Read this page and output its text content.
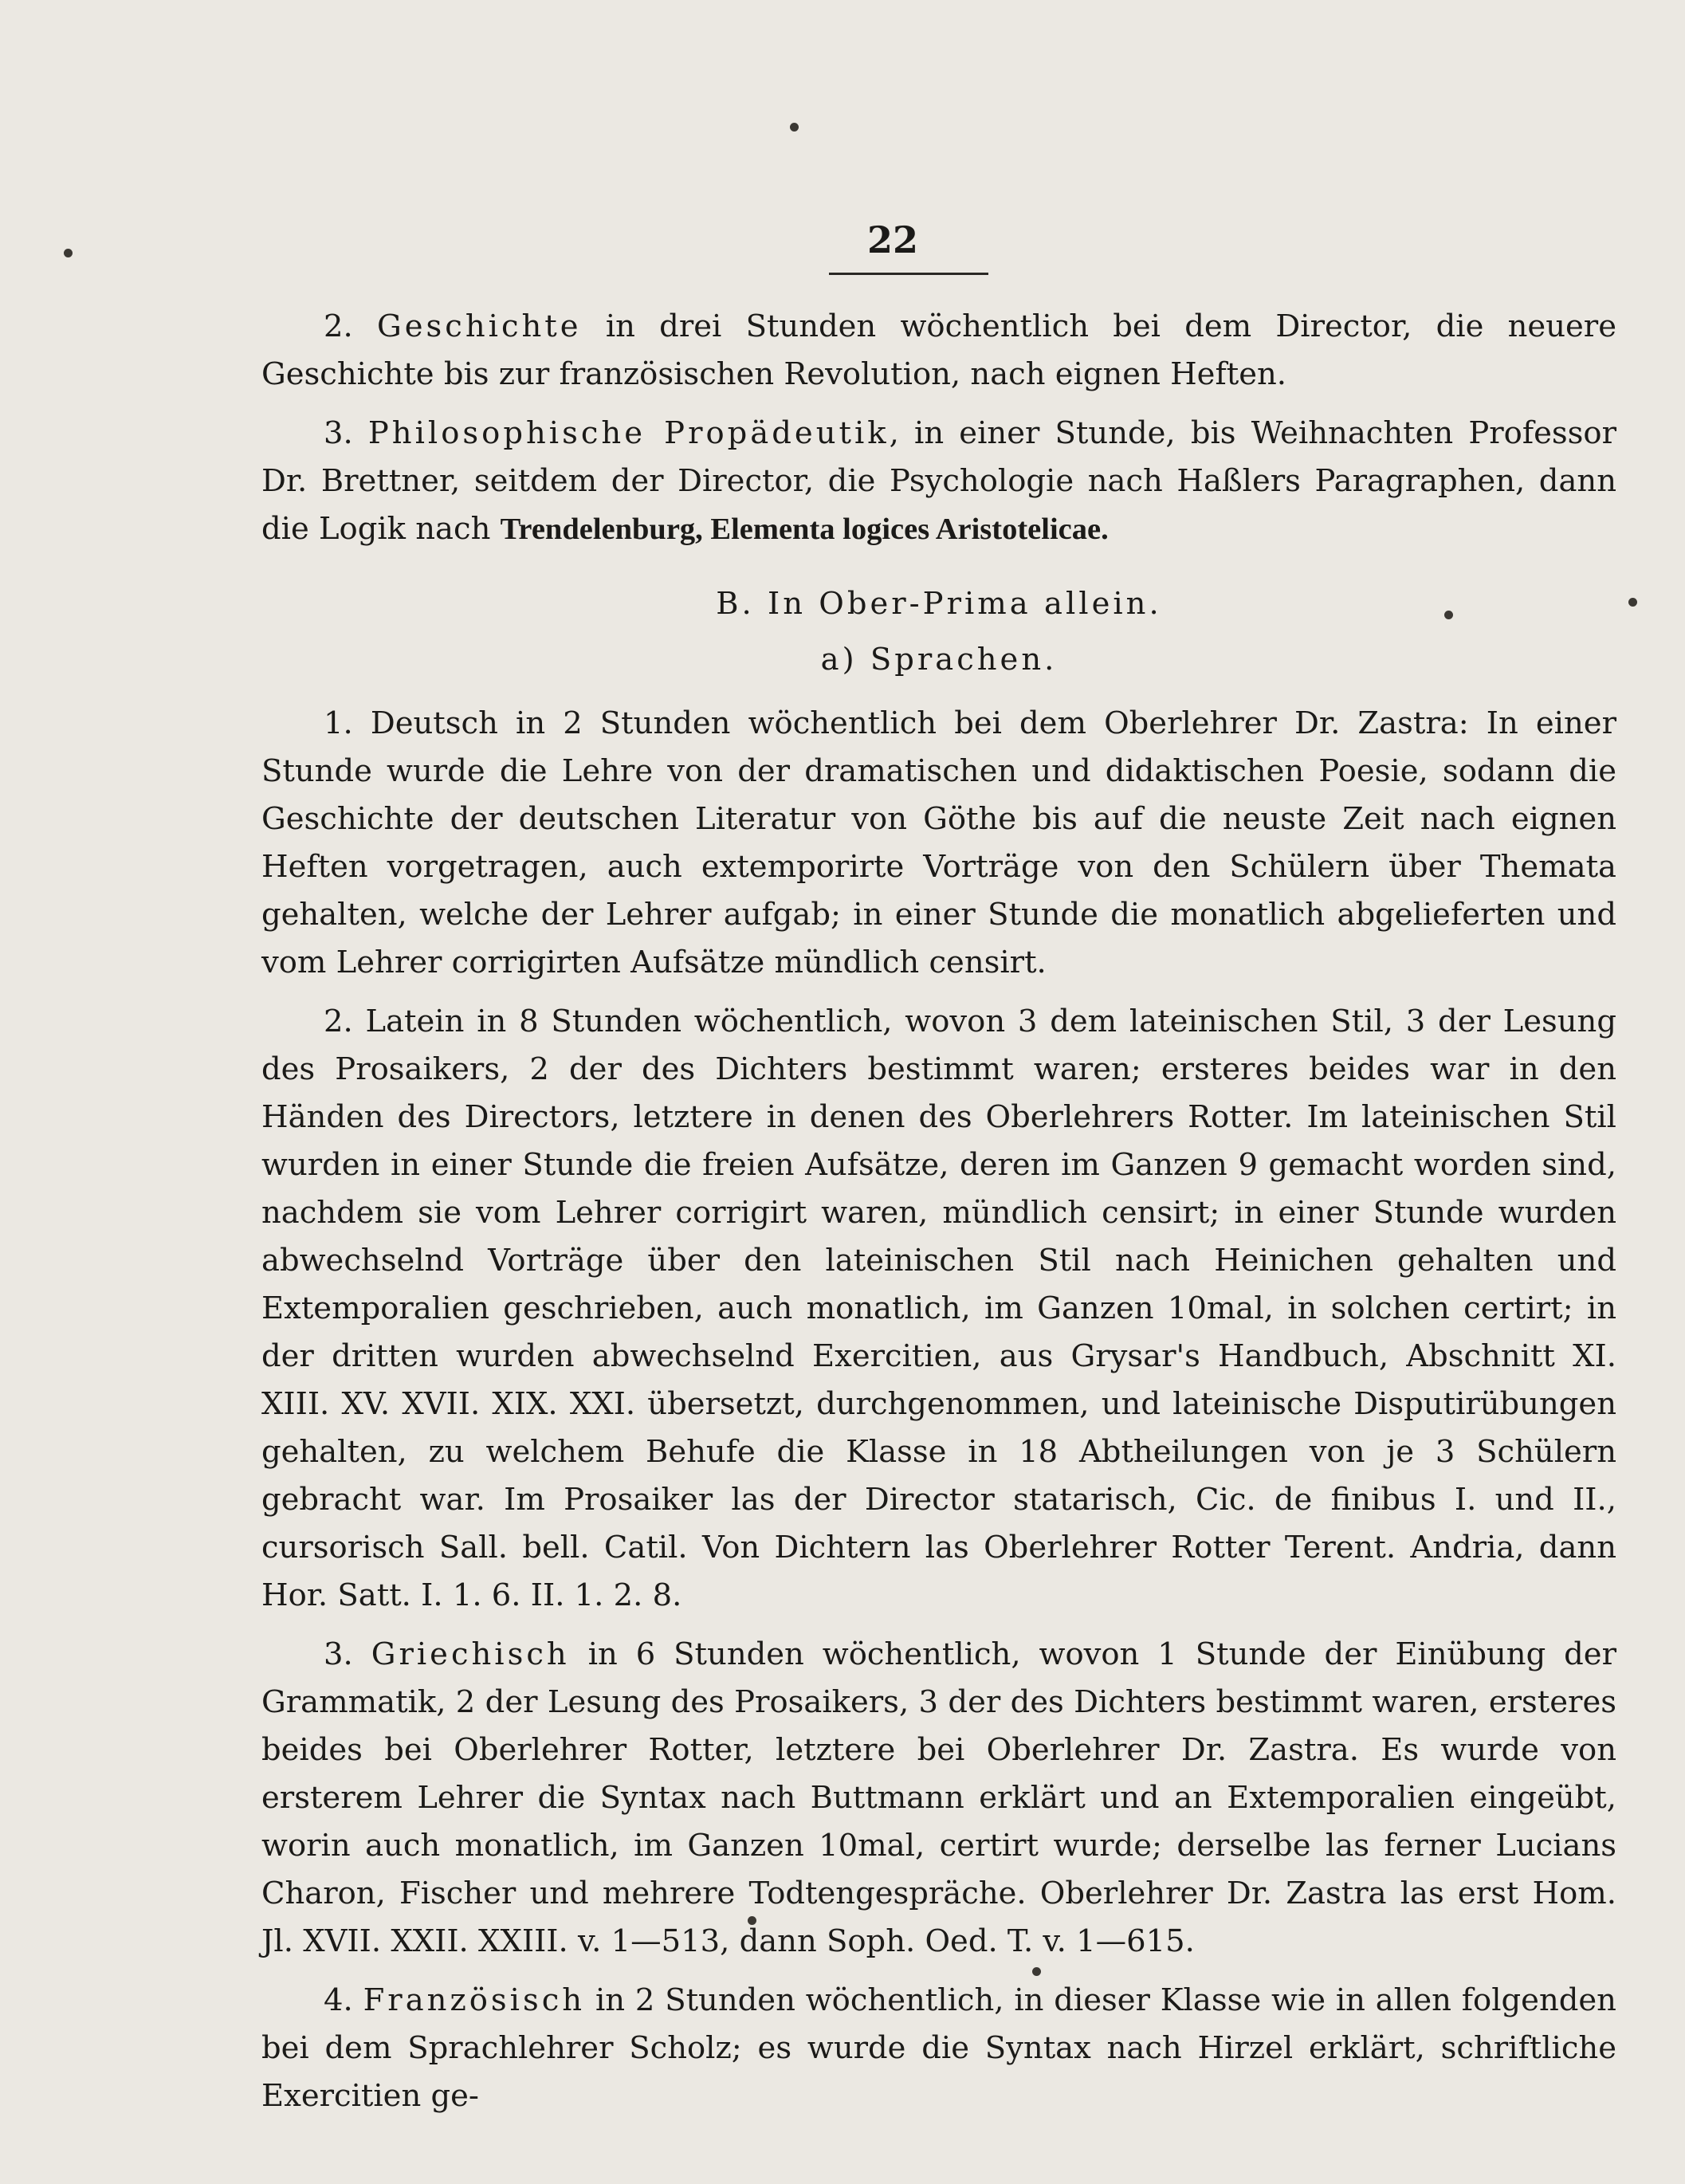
22

2. Geschichte in drei Stunden wöchentlich bei dem Director, die neuere Geschichte bis zur französischen Revolution, nach eignen Heften.

3. Philosophische Propädeutik, in einer Stunde, bis Weihnachten Professor Dr. Brettner, seitdem der Director, die Psychologie nach Haßlers Paragraphen, dann die Logik nach Trendelenburg, Elementa logices Aristotelicae.

B. In Ober-Prima allein.

a) Sprachen.

1. Deutsch in 2 Stunden wöchentlich bei dem Oberlehrer Dr. Zastra: In einer Stunde wurde die Lehre von der dramatischen und didaktischen Poesie, sodann die Geschichte der deutschen Literatur von Göthe bis auf die neuste Zeit nach eignen Heften vorgetragen, auch extemporirte Vorträge von den Schülern über Themata gehalten, welche der Lehrer aufgab; in einer Stunde die monatlich abgelieferten und vom Lehrer corrigirten Aufsätze mündlich censirt.

2. Latein in 8 Stunden wöchentlich, wovon 3 dem lateinischen Stil, 3 der Lesung des Prosaikers, 2 der des Dichters bestimmt waren; ersteres beides war in den Händen des Directors, letztere in denen des Oberlehrers Rotter. Im lateinischen Stil wurden in einer Stunde die freien Aufsätze, deren im Ganzen 9 gemacht worden sind, nachdem sie vom Lehrer corrigirt waren, mündlich censirt; in einer Stunde wurden abwechselnd Vorträge über den lateinischen Stil nach Heinichen gehalten und Extemporalien geschrieben, auch monatlich, im Ganzen 10mal, in solchen certirt; in der dritten wurden abwechselnd Exercitien, aus Grysar's Handbuch, Abschnitt XI. XIII. XV. XVII. XIX. XXI. übersetzt, durchgenommen, und lateinische Disputirübungen gehalten, zu welchem Behufe die Klasse in 18 Abtheilungen von je 3 Schülern gebracht war. Im Prosaiker las der Director statarisch, Cic. de finibus I. und II., cursorisch Sall. bell. Catil. Von Dichtern las Oberlehrer Rotter Terent. Andria, dann Hor. Satt. I. 1. 6. II. 1. 2. 8.

3. Griechisch in 6 Stunden wöchentlich, wovon 1 Stunde der Einübung der Grammatik, 2 der Lesung des Prosaikers, 3 der des Dichters bestimmt waren, ersteres beides bei Oberlehrer Rotter, letztere bei Oberlehrer Dr. Zastra. Es wurde von ersterem Lehrer die Syntax nach Buttmann erklärt und an Extemporalien eingeübt, worin auch monatlich, im Ganzen 10mal, certirt wurde; derselbe las ferner Lucians Charon, Fischer und mehrere Todtengespräche. Oberlehrer Dr. Zastra las erst Hom. Jl. XVII. XXII. XXIII. v. 1—513, dann Soph. Oed. T. v. 1—615.

4. Französisch in 2 Stunden wöchentlich, in dieser Klasse wie in allen folgenden bei dem Sprachlehrer Scholz; es wurde die Syntax nach Hirzel erklärt, schriftliche Exercitien ge-
